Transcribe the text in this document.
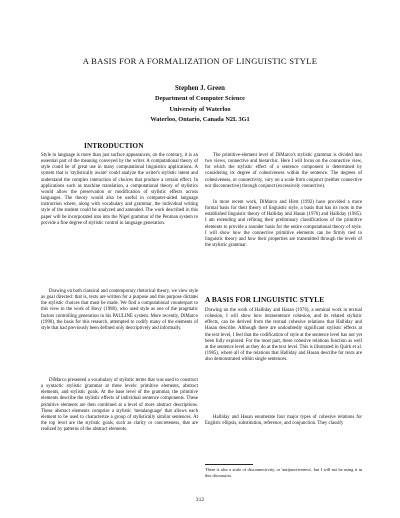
A BASIS FOR A FORMALIZATION OF LINGUISTIC STYLE
Stephen J. Green
Department of Computer Science
University of Waterloo
Waterloo, Ontario, Canada N2L 3G1
INTRODUCTION
Style in language is more than just surface appearances, on the contrary, it is an essential part of the meaning conveyed by the writer. A computational theory of style could be of great use in many computational linguistics applications. A system that is 'stylistically aware' could analyze the writer's stylistic intent and understand the complex interaction of choices that produce a certain effect. In applications such as machine translation, a computational theory of stylistics would allow the preservation or modification of stylistic effects across languages. The theory would also be useful in computer-aided language instruction where, along with vocabulary and grammar, the individual writing style of the student could be analyzed and amended. The work described in this paper will be incorporated into into the Nigel grammar of the Penman system to provide a fine degree of stylistic control in language generation.
Drawing on both classical and contemporary rhetorical theory, we view style as goal directed: that is, texts are written for a purpose and this purpose dictates the stylistic choices that must be made. We find a computational counterpart to this view in the work of Hovy (1988), who used style as one of the pragmatic factors controlling generation in his PAULINE system. More recently, DiMarco (1990), the basis for this research, attempted to codify many of the elements of style that had previously been defined only descriptively and informally.
DiMarco presented a vocabulary of stylistic terms that was used to construct a syntactic stylistic grammar at three levels: primitive elements, abstract elements, and stylistic goals. At the base level of the grammar, the primitive elements describe the stylistic effects of individual sentence components. These primitive elements are then combined at a level of more abstract descriptions. These abstract elements comprise a stylistic 'metalanguage' that allows each element to be used to characterize a group of stylistically similar sentences. At the top level are the stylistic goals, such as clarity or concreteness, that are realized by patterns of the abstract elements.
The primitive-element level of DiMarco's stylistic grammar is divided into two views, connective and hierarchic. Here I will focus on the connective view, for which the stylistic effect of a sentence component is determined by considering its degree of cohesiveness within the sentence. The degrees of cohesiveness, or connectivity, vary on a scale from conjunct (neither connective nor disconnective) through conjunct (excessively connective).
In more recent work, DiMarco and Hirst (1992) have provided a more formal basis for their theory of linguistic style, a basis that has its roots in the established linguistic theory of Halliday and Hasan (1976) and Halliday (1985). I am extending and refining their preliminary classifications of the primitive elements to provide a sounder basis for the entire computational theory of style. I will show how the connective primitive elements can be firmly tied to linguistic theory and how their properties are transmitted through the levels of the stylistic grammar.
A BASIS FOR LINGUISTIC STYLE
Drawing on the work of Halliday and Hasan (1976), a seminal work in textual cohesion, I will show how intrasentence cohesion, and its related stylistic effects, can be derived from the textual cohesive relations that Halliday and Hasan describe. Although there are undoubtedly significant stylistic effects at the text level, I feel that the codification of style at the sentence level has not yet been fully explored. For the most part, these cohesive relations function as well at the sentence level as they do at the text level. This is illustrated in Quirk et al. (1985), where all of the relations that Halliday and Hasan describe for texts are also demonstrated within single sentences.
Halliday and Hasan enumerate four major types of cohesive relations for English: ellipsis, substitution, reference, and conjunction. They classify
There is also a scale of disconnectivity, or 'antijunctiveness', but I will not be using it in this discussion.
312
